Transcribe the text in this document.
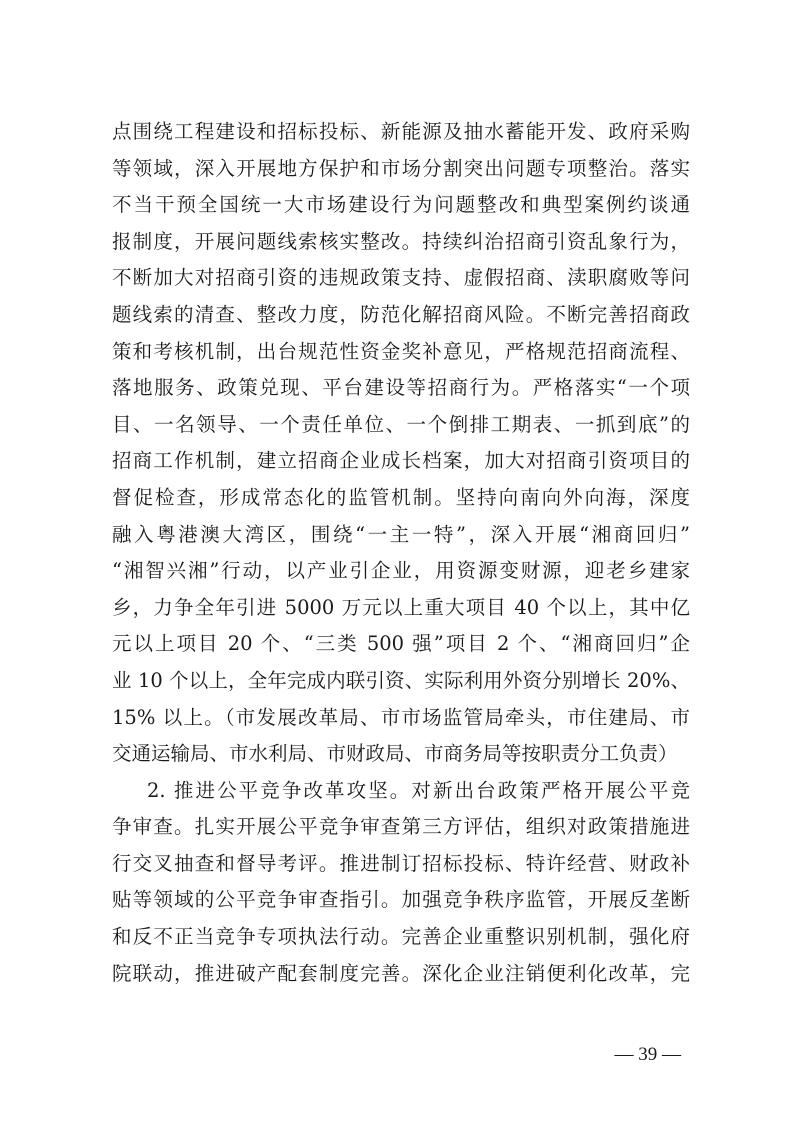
点围绕工程建设和招标投标、新能源及抽水蓄能开发、政府采购
等领域，深入开展地方保护和市场分割突出问题专项整治。落实
不当干预全国统一大市场建设行为问题整改和典型案例约谈通
报制度，开展问题线索核实整改。持续纠治招商引资乱象行为，
不断加大对招商引资的违规政策支持、虚假招商、渎职腐败等问
题线索的清查、整改力度，防范化解招商风险。不断完善招商政
策和考核机制，出台规范性资金奖补意见，严格规范招商流程、
落地服务、政策兑现、平台建设等招商行为。严格落实“一个项
目、一名领导、一个责任单位、一个倒排工期表、一抓到底”的
招商工作机制，建立招商企业成长档案，加大对招商引资项目的
督促检查，形成常态化的监管机制。坚持向南向外向海，深度
融入粤港澳大湾区，围绕“一主一特”，深入开展“湘商回归”
“湘智兴湘”行动，以产业引企业，用资源变财源，迎老乡建家
乡，力争全年引进 5000 万元以上重大项目 40 个以上，其中亿
元以上项目 20 个、“三类 500 强”项目 2 个、“湘商回归”企
业 10 个以上，全年完成内联引资、实际利用外资分别增长 20%、
15% 以上。（市发展改革局、市市场监管局牵头，市住建局、市
交通运输局、市水利局、市财政局、市商务局等按职责分工负责）
2. 推进公平竞争改革攻坚。对新出台政策严格开展公平竞
争审查。扎实开展公平竞争审查第三方评估，组织对政策措施进
行交叉抽查和督导考评。推进制订招标投标、特许经营、财政补
贴等领域的公平竞争审查指引。加强竞争秩序监管，开展反垄断
和反不正当竞争专项执法行动。完善企业重整识别机制，强化府
院联动，推进破产配套制度完善。深化企业注销便利化改革，完
— 39 —
